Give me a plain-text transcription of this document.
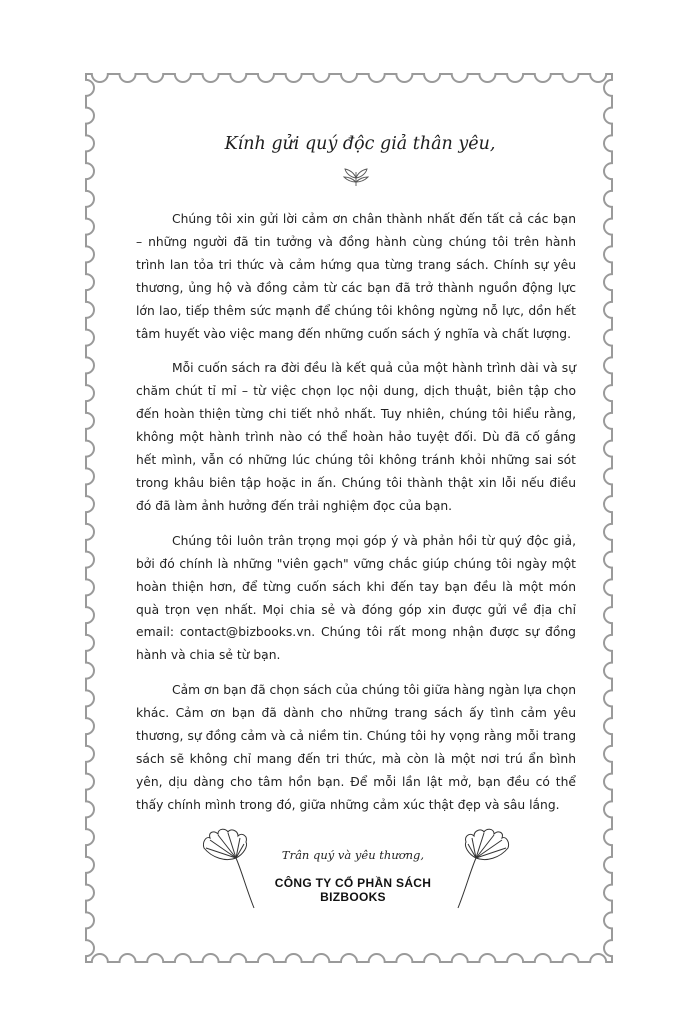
Kính gửi quý độc giả thân yêu,

Chúng tôi xin gửi lời cảm ơn chân thành nhất đến tất cả các bạn – những người đã tin tưởng và đồng hành cùng chúng tôi trên hành trình lan tỏa tri thức và cảm hứng qua từng trang sách. Chính sự yêu thương, ủng hộ và đồng cảm từ các bạn đã trở thành nguồn động lực lớn lao, tiếp thêm sức mạnh để chúng tôi không ngừng nỗ lực, dồn hết tâm huyết vào việc mang đến những cuốn sách ý nghĩa và chất lượng.

Mỗi cuốn sách ra đời đều là kết quả của một hành trình dài và sự chăm chút tỉ mỉ – từ việc chọn lọc nội dung, dịch thuật, biên tập cho đến hoàn thiện từng chi tiết nhỏ nhất. Tuy nhiên, chúng tôi hiểu rằng, không một hành trình nào có thể hoàn hảo tuyệt đối. Dù đã cố gắng hết mình, vẫn có những lúc chúng tôi không tránh khỏi những sai sót trong khâu biên tập hoặc in ấn. Chúng tôi thành thật xin lỗi nếu điều đó đã làm ảnh hưởng đến trải nghiệm đọc của bạn.

Chúng tôi luôn trân trọng mọi góp ý và phản hồi từ quý độc giả, bởi đó chính là những "viên gạch" vững chắc giúp chúng tôi ngày một hoàn thiện hơn, để từng cuốn sách khi đến tay bạn đều là một món quà trọn vẹn nhất. Mọi chia sẻ và đóng góp xin được gửi về địa chỉ email: contact@bizbooks.vn. Chúng tôi rất mong nhận được sự đồng hành và chia sẻ từ bạn.

Cảm ơn bạn đã chọn sách của chúng tôi giữa hàng ngàn lựa chọn khác. Cảm ơn bạn đã dành cho những trang sách ấy tình cảm yêu thương, sự đồng cảm và cả niềm tin. Chúng tôi hy vọng rằng mỗi trang sách sẽ không chỉ mang đến tri thức, mà còn là một nơi trú ẩn bình yên, dịu dàng cho tâm hồn bạn. Để mỗi lần lật mở, bạn đều có thể thấy chính mình trong đó, giữa những cảm xúc thật đẹp và sâu lắng.

Trân quý và yêu thương,
CÔNG TY CỔ PHẦN SÁCH BIZBOOKS
